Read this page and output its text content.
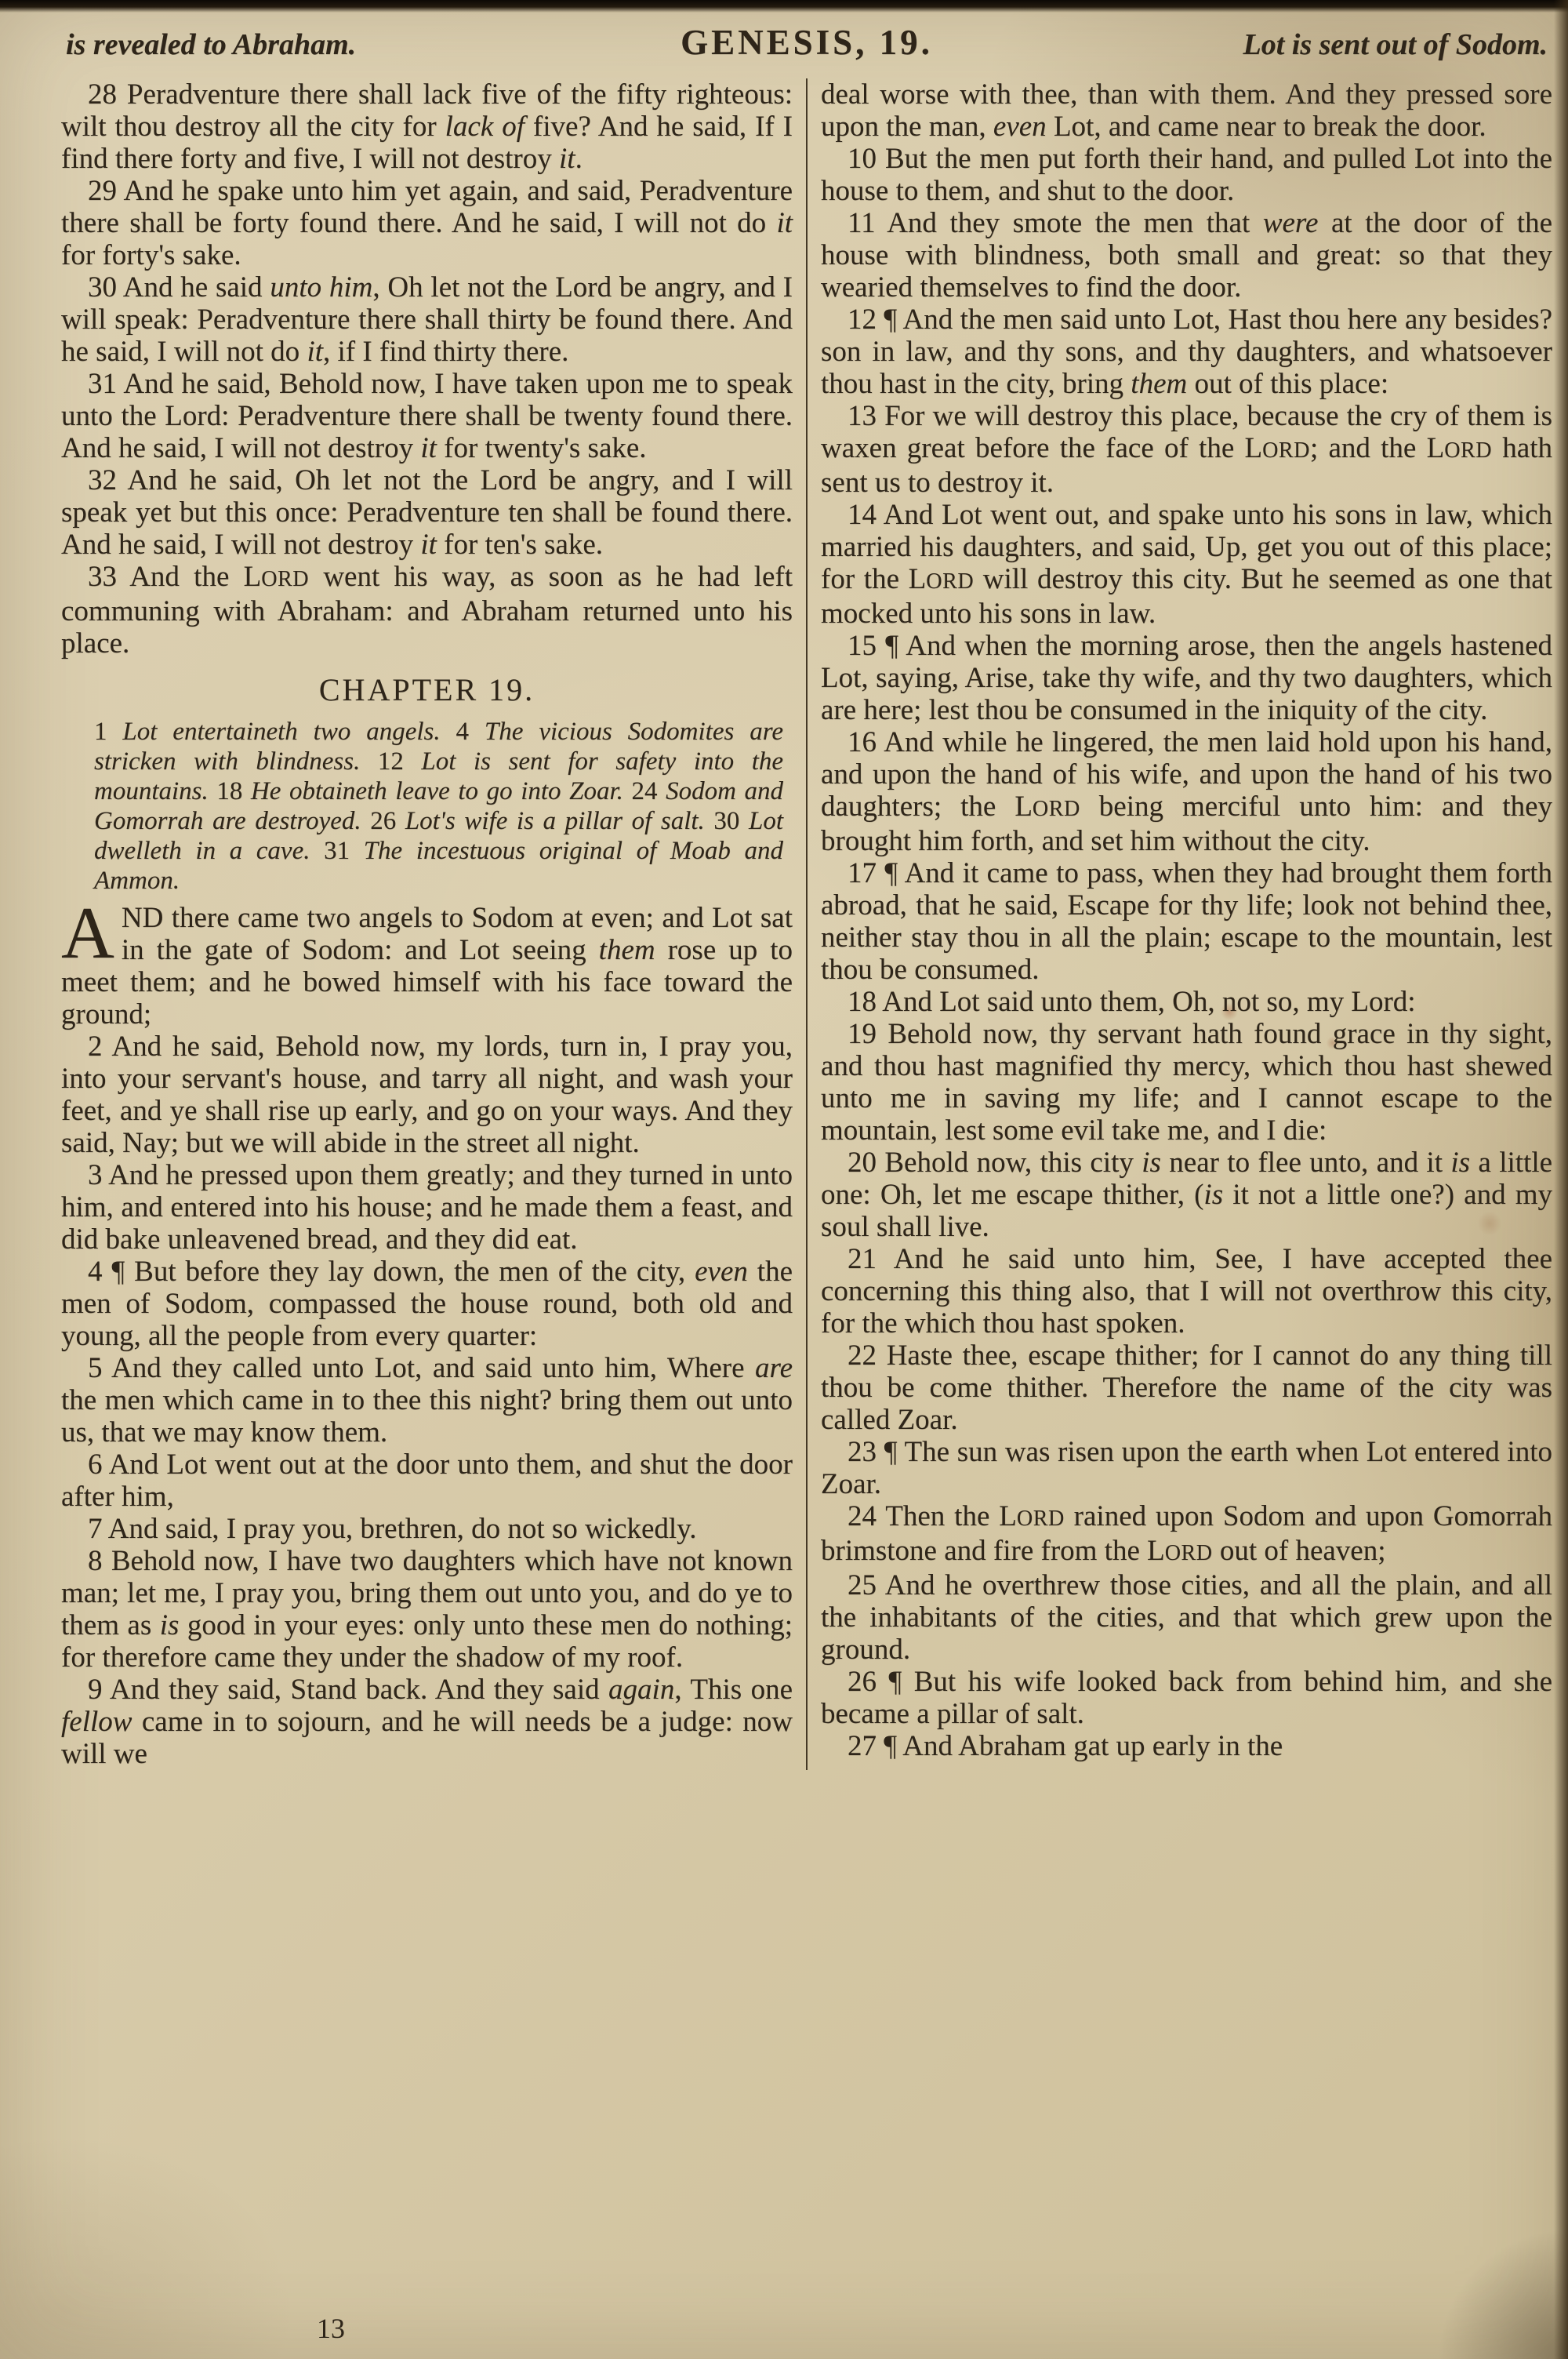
is revealed to Abraham.	GENESIS, 19.	Lot is sent out of Sodom.
28 Peradventure there shall lack five of the fifty righteous: wilt thou destroy all the city for lack of five? And he said, If I find there forty and five, I will not destroy it.
29 And he spake unto him yet again, and said, Peradventure there shall be forty found there. And he said, I will not do it for forty's sake.
30 And he said unto him, Oh let not the Lord be angry, and I will speak: Peradventure there shall thirty be found there. And he said, I will not do it, if I find thirty there.
31 And he said, Behold now, I have taken upon me to speak unto the Lord: Peradventure there shall be twenty found there. And he said, I will not destroy it for twenty's sake.
32 And he said, Oh let not the Lord be angry, and I will speak yet but this once: Peradventure ten shall be found there. And he said, I will not destroy it for ten's sake.
33 And the LORD went his way, as soon as he had left communing with Abraham: and Abraham returned unto his place.
CHAPTER 19.
1 Lot entertaineth two angels. 4 The vicious Sodomites are stricken with blindness. 12 Lot is sent for safety into the mountains. 18 He obtaineth leave to go into Zoar. 24 Sodom and Gomorrah are destroyed. 26 Lot's wife is a pillar of salt. 30 Lot dwelleth in a cave. 31 The incestuous original of Moab and Ammon.
AND there came two angels to Sodom at even; and Lot sat in the gate of Sodom: and Lot seeing them rose up to meet them; and he bowed himself with his face toward the ground;
2 And he said, Behold now, my lords, turn in, I pray you, into your servant's house, and tarry all night, and wash your feet, and ye shall rise up early, and go on your ways. And they said, Nay; but we will abide in the street all night.
3 And he pressed upon them greatly; and they turned in unto him, and entered into his house; and he made them a feast, and did bake unleavened bread, and they did eat.
4 ¶ But before they lay down, the men of the city, even the men of Sodom, compassed the house round, both old and young, all the people from every quarter:
5 And they called unto Lot, and said unto him, Where are the men which came in to thee this night? bring them out unto us, that we may know them.
6 And Lot went out at the door unto them, and shut the door after him,
7 And said, I pray you, brethren, do not so wickedly.
8 Behold now, I have two daughters which have not known man; let me, I pray you, bring them out unto you, and do ye to them as is good in your eyes: only unto these men do nothing; for therefore came they under the shadow of my roof.
9 And they said, Stand back. And they said again, This one fellow came in to sojourn, and he will needs be a judge: now will we
deal worse with thee, than with them. And they pressed sore upon the man, even Lot, and came near to break the door.
10 But the men put forth their hand, and pulled Lot into the house to them, and shut to the door.
11 And they smote the men that were at the door of the house with blindness, both small and great: so that they wearied themselves to find the door.
12 ¶ And the men said unto Lot, Hast thou here any besides? son in law, and thy sons, and thy daughters, and whatsoever thou hast in the city, bring them out of this place:
13 For we will destroy this place, because the cry of them is waxen great before the face of the LORD; and the LORD hath sent us to destroy it.
14 And Lot went out, and spake unto his sons in law, which married his daughters, and said, Up, get you out of this place; for the LORD will destroy this city. But he seemed as one that mocked unto his sons in law.
15 ¶ And when the morning arose, then the angels hastened Lot, saying, Arise, take thy wife, and thy two daughters, which are here; lest thou be consumed in the iniquity of the city.
16 And while he lingered, the men laid hold upon his hand, and upon the hand of his wife, and upon the hand of his two daughters; the LORD being merciful unto him: and they brought him forth, and set him without the city.
17 ¶ And it came to pass, when they had brought them forth abroad, that he said, Escape for thy life; look not behind thee, neither stay thou in all the plain; escape to the mountain, lest thou be consumed.
18 And Lot said unto them, Oh, not so, my Lord:
19 Behold now, thy servant hath found grace in thy sight, and thou hast magnified thy mercy, which thou hast shewed unto me in saving my life; and I cannot escape to the mountain, lest some evil take me, and I die:
20 Behold now, this city is near to flee unto, and it is a little one: Oh, let me escape thither, (is it not a little one?) and my soul shall live.
21 And he said unto him, See, I have accepted thee concerning this thing also, that I will not overthrow this city, for the which thou hast spoken.
22 Haste thee, escape thither; for I cannot do any thing till thou be come thither. Therefore the name of the city was called Zoar.
23 ¶ The sun was risen upon the earth when Lot entered into Zoar.
24 Then the LORD rained upon Sodom and upon Gomorrah brimstone and fire from the LORD out of heaven;
25 And he overthrew those cities, and all the plain, and all the inhabitants of the cities, and that which grew upon the ground.
26 ¶ But his wife looked back from behind him, and she became a pillar of salt.
27 ¶ And Abraham gat up early in the
13
